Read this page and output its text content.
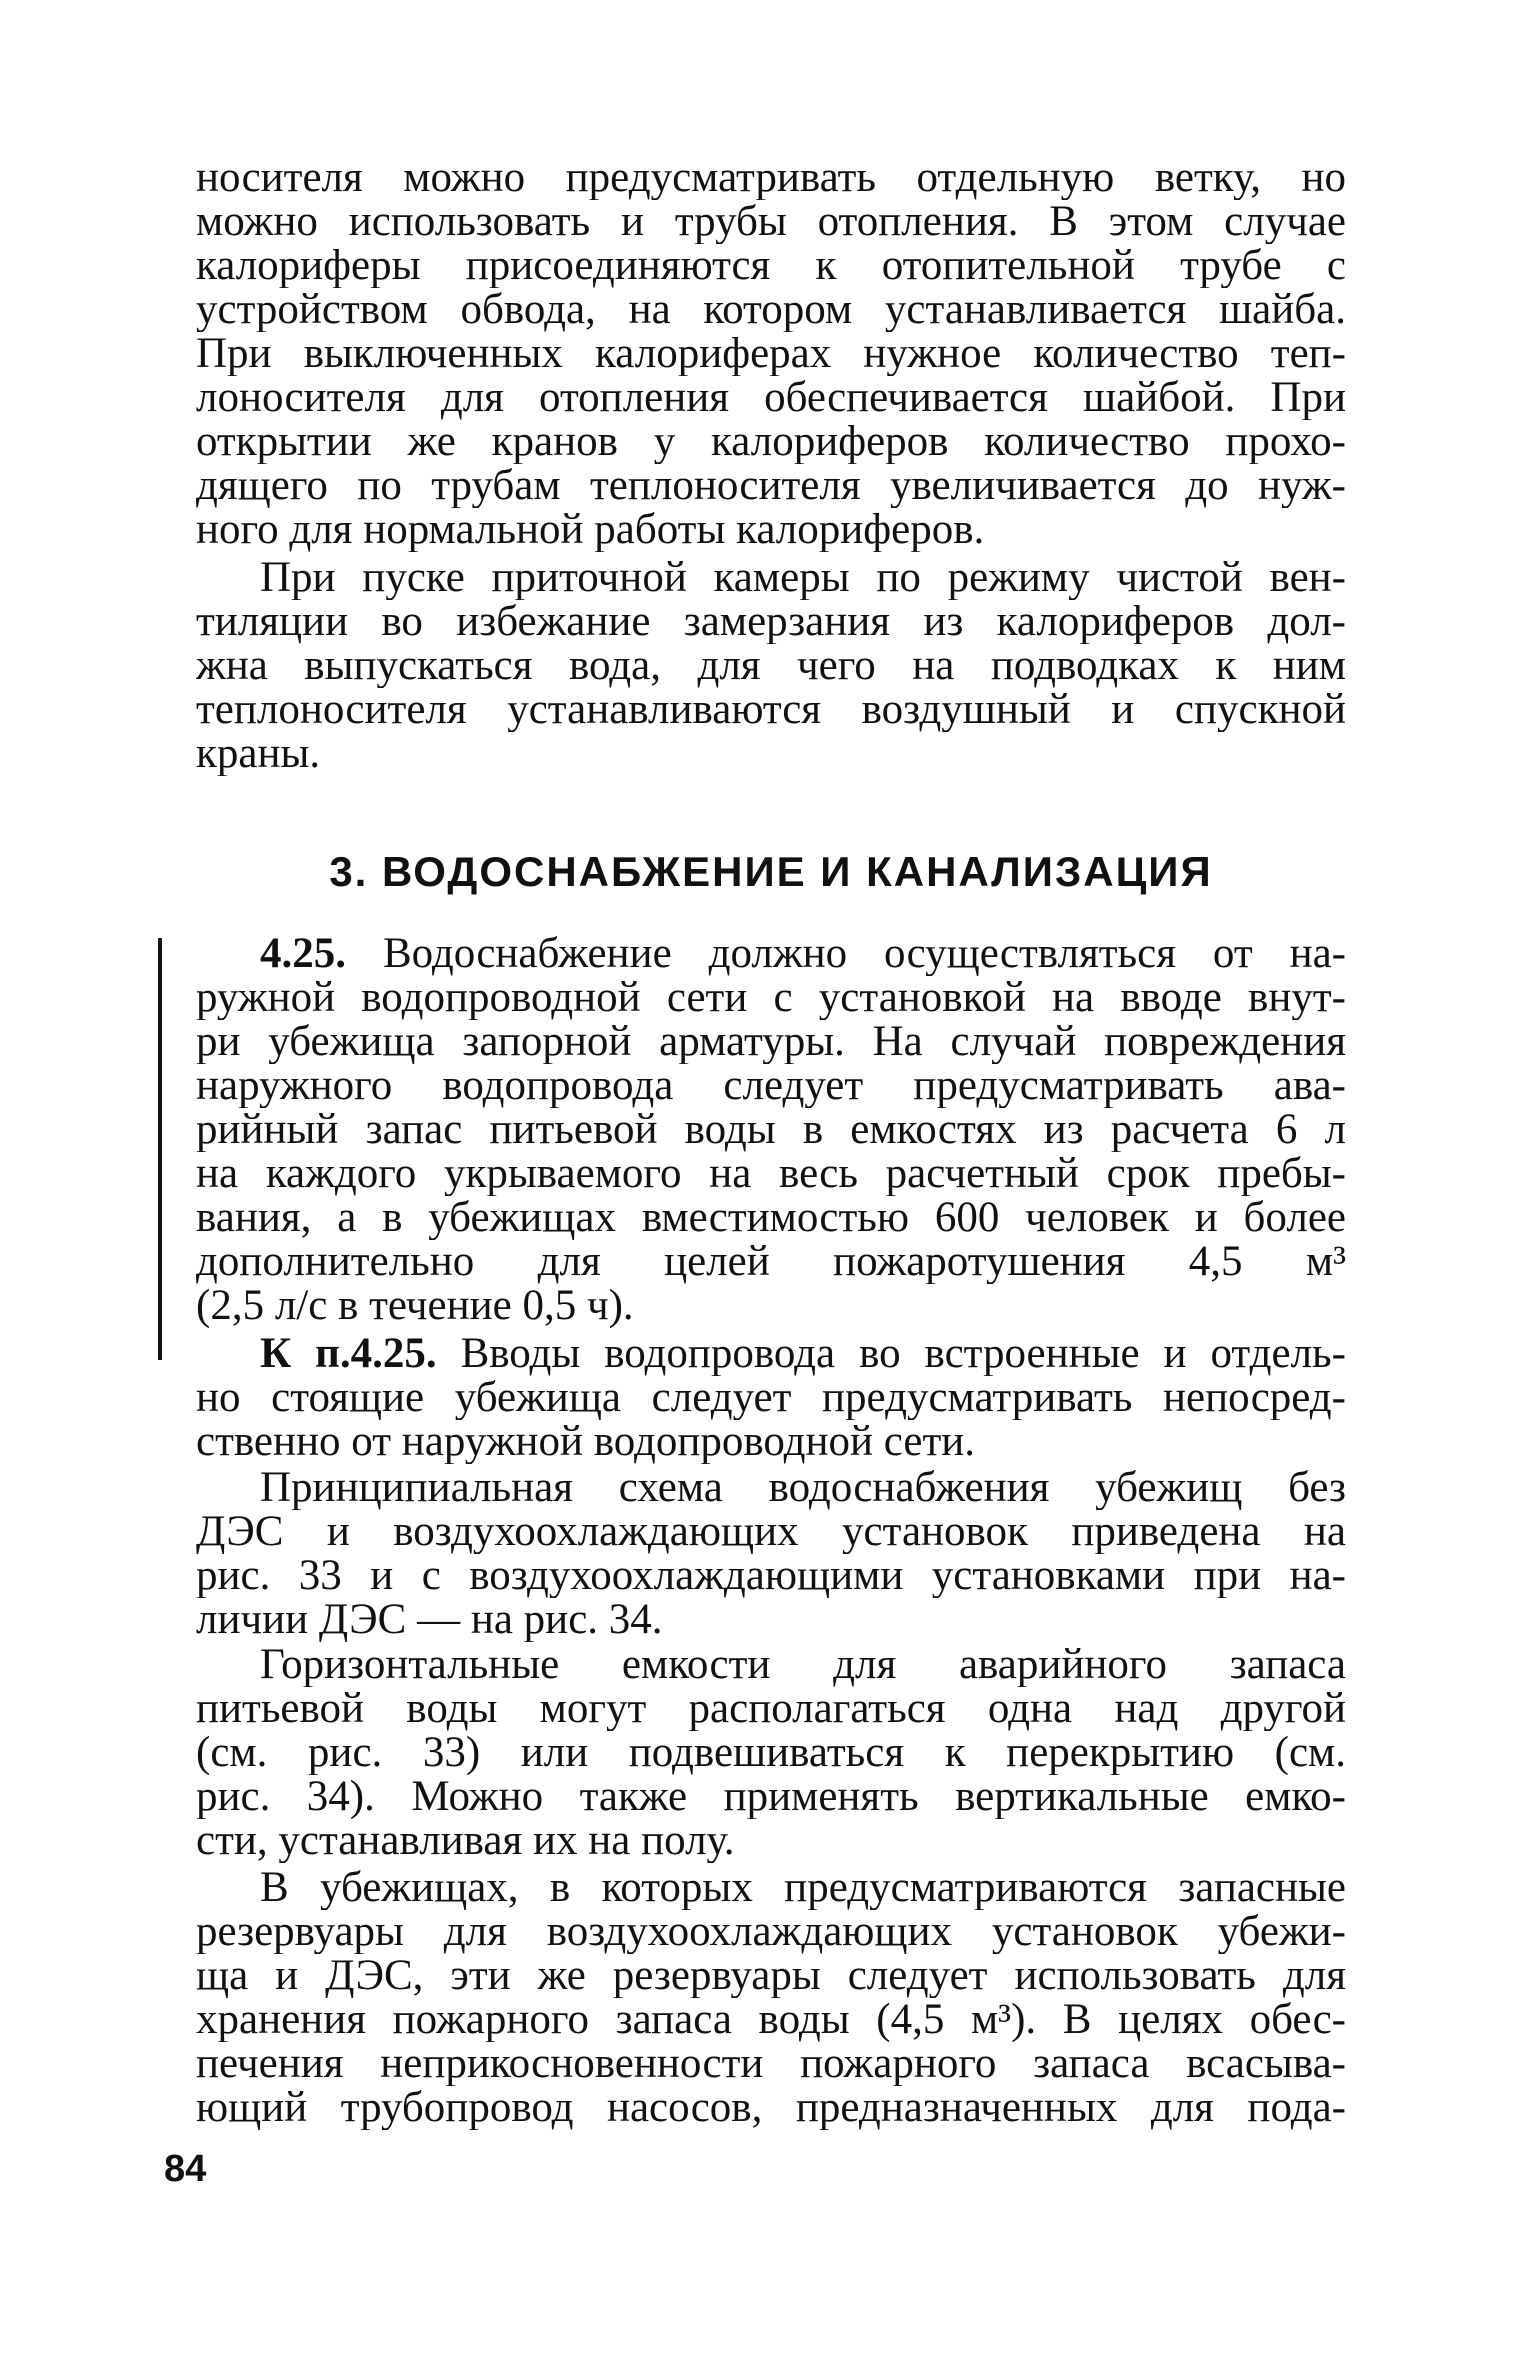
носителя можно предусматривать отдельную ветку, но
можно использовать и трубы отопления. В этом случае
калориферы присоединяются к отопительной трубе с
устройством обвода, на котором устанавливается шайба.
При выключенных калориферах нужное количество теп-
лоносителя для отопления обеспечивается шайбой. При
открытии же кранов у калориферов количество прохо-
дящего по трубам теплоносителя увеличивается до нуж-
ного для нормальной работы калориферов.

При пуске приточной камеры по режиму чистой вен-
тиляции во избежание замерзания из калориферов дол-
жна выпускаться вода, для чего на подводках к ним
теплоносителя устанавливаются воздушный и спускной
краны.

3. ВОДОСНАБЖЕНИЕ И КАНАЛИЗАЦИЯ

4.25. Водоснабжение должно осуществляться от на-
ружной водопроводной сети с установкой на вводе внут-
ри убежища запорной арматуры. На случай повреждения
наружного водопровода следует предусматривать ава-
рийный запас питьевой воды в емкостях из расчета 6 л
на каждого укрываемого на весь расчетный срок пребы-
вания, а в убежищах вместимостью 600 человек и более
дополнительно для целей пожаротушения 4,5 м³
(2,5 л/с в течение 0,5 ч).

К п.4.25. Вводы водопровода во встроенные и отдель-
но стоящие убежища следует предусматривать непосред-
ственно от наружной водопроводной сети.

Принципиальная схема водоснабжения убежищ без
ДЭС и воздухоохлаждающих установок приведена на
рис. 33 и с воздухоохлаждающими установками при на-
личии ДЭС — на рис. 34.

Горизонтальные емкости для аварийного запаса
питьевой воды могут располагаться одна над другой
(см. рис. 33) или подвешиваться к перекрытию (см.
рис. 34). Можно также применять вертикальные емко-
сти, устанавливая их на полу.

В убежищах, в которых предусматриваются запасные
резервуары для воздухоохлаждающих установок убежи-
ща и ДЭС, эти же резервуары следует использовать для
хранения пожарного запаса воды (4,5 м³). В целях обес-
печения неприкосновенности пожарного запаса всасыва-
ющий трубопровод насосов, предназначенных для пода-

84
